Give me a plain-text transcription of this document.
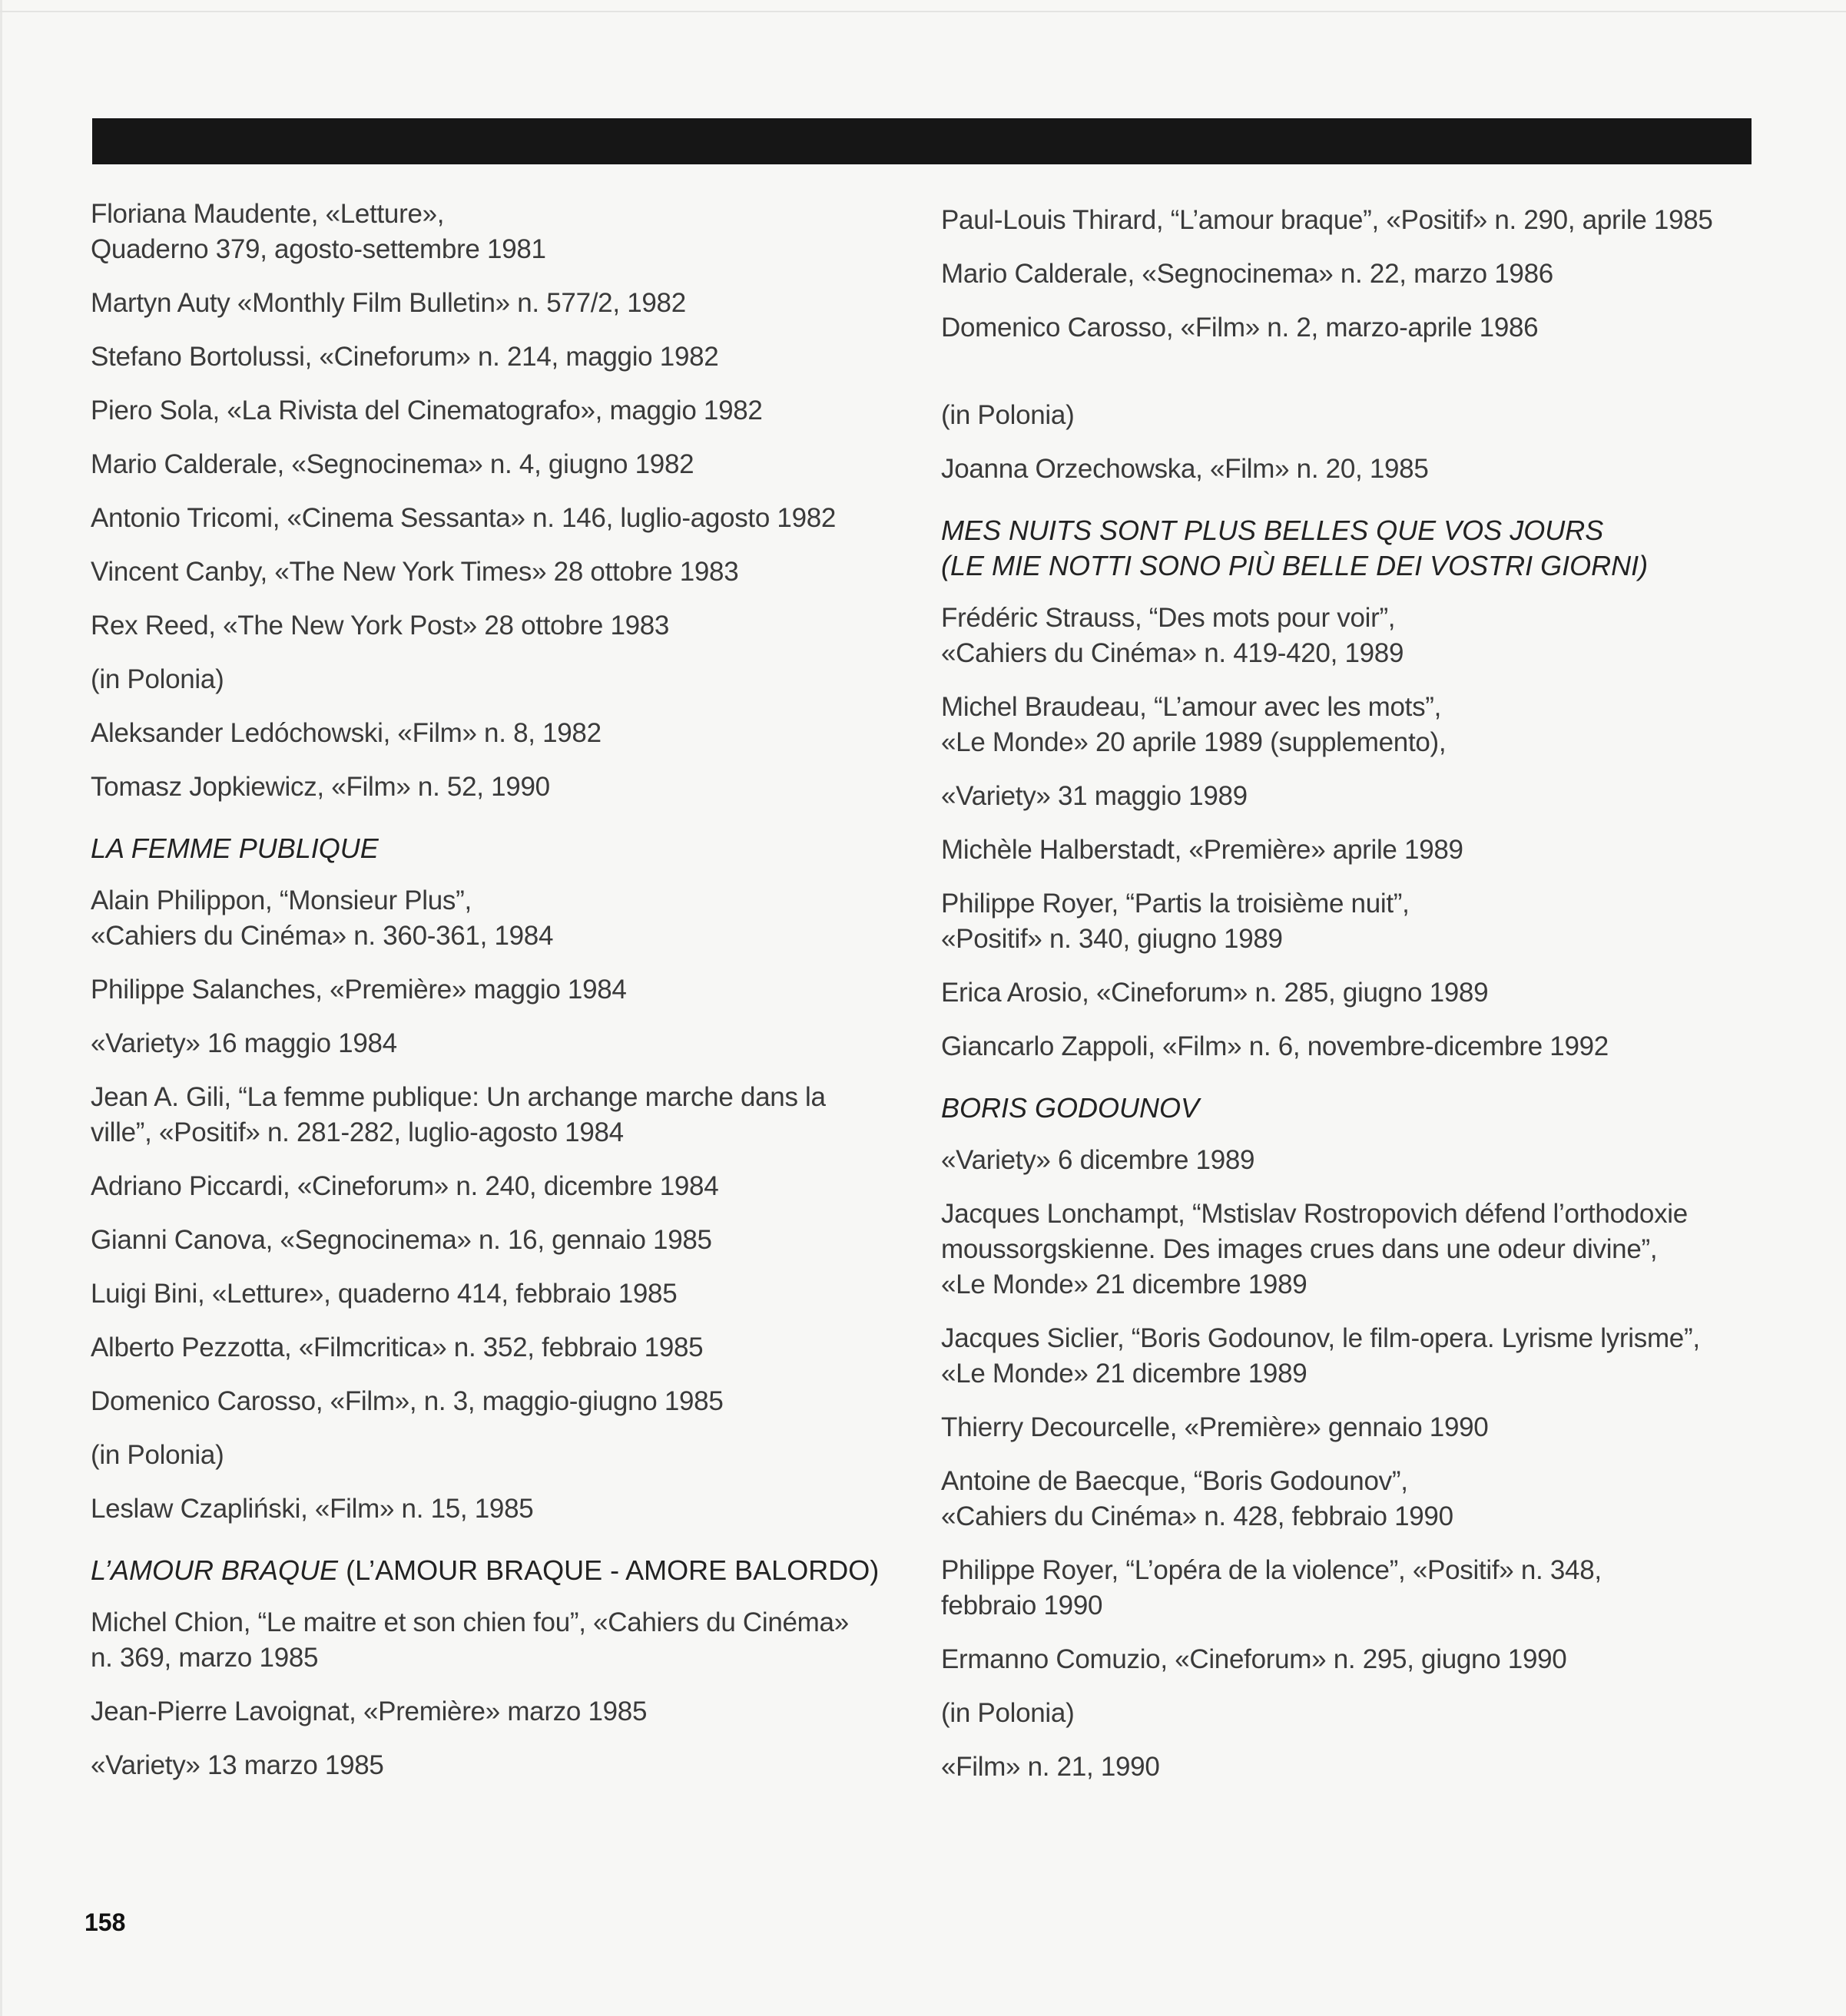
Floriana Maudente, «Letture»,
Quaderno 379, agosto-settembre 1981
Martyn Auty «Monthly Film Bulletin» n. 577/2, 1982
Stefano Bortolussi, «Cineforum» n. 214, maggio 1982
Piero Sola, «La Rivista del Cinematografo», maggio 1982
Mario Calderale, «Segnocinema» n. 4, giugno 1982
Antonio Tricomi, «Cinema Sessanta» n. 146, luglio-agosto 1982
Vincent Canby, «The New York Times» 28 ottobre 1983
Rex Reed, «The New York Post» 28 ottobre 1983
(in Polonia)
Aleksander Ledóchowski, «Film» n. 8, 1982
Tomasz Jopkiewicz, «Film» n. 52, 1990
LA FEMME PUBLIQUE
Alain Philippon, “Monsieur Plus”,
«Cahiers du Cinéma» n. 360-361, 1984
Philippe Salanches, «Première» maggio 1984
«Variety» 16 maggio 1984
Jean A. Gili, “La femme publique: Un archange marche dans la
ville”, «Positif» n. 281-282, luglio-agosto 1984
Adriano Piccardi, «Cineforum» n. 240, dicembre 1984
Gianni Canova, «Segnocinema» n. 16, gennaio 1985
Luigi Bini, «Letture», quaderno 414, febbraio 1985
Alberto Pezzotta, «Filmcritica» n. 352, febbraio 1985
Domenico Carosso, «Film», n. 3, maggio-giugno 1985
(in Polonia)
Leslaw Czapliński, «Film» n. 15, 1985
L’AMOUR BRAQUE (L’AMOUR BRAQUE - AMORE BALORDO)
Michel Chion, “Le maitre et son chien fou”, «Cahiers du Cinéma»
n. 369, marzo 1985
Jean-Pierre Lavoignat, «Première» marzo 1985
«Variety» 13 marzo 1985
Paul-Louis Thirard, “L’amour braque”, «Positif» n. 290, aprile 1985
Mario Calderale, «Segnocinema» n. 22, marzo 1986
Domenico Carosso, «Film» n. 2, marzo-aprile 1986
(in Polonia)
Joanna Orzechowska, «Film» n. 20, 1985
MES NUITS SONT PLUS BELLES QUE VOS JOURS
(LE MIE NOTTI SONO PIÙ BELLE DEI VOSTRI GIORNI)
Frédéric Strauss, “Des mots pour voir”,
«Cahiers du Cinéma» n. 419-420, 1989
Michel Braudeau, “L’amour avec les mots”,
«Le Monde» 20 aprile 1989 (supplemento),
«Variety» 31 maggio 1989
Michèle Halberstadt, «Première» aprile 1989
Philippe Royer, “Partis la troisième nuit”,
«Positif» n. 340, giugno 1989
Erica Arosio, «Cineforum» n. 285, giugno 1989
Giancarlo Zappoli, «Film» n. 6, novembre-dicembre 1992
BORIS GODOUNOV
«Variety» 6 dicembre 1989
Jacques Lonchampt, “Mstislav Rostropovich défend l’orthodoxie
moussorgskienne. Des images crues dans une odeur divine”,
«Le Monde» 21 dicembre 1989
Jacques Siclier, “Boris Godounov, le film-opera. Lyrisme lyrisme”,
«Le Monde» 21 dicembre 1989
Thierry Decourcelle, «Première» gennaio 1990
Antoine de Baecque, “Boris Godounov”,
«Cahiers du Cinéma» n. 428, febbraio 1990
Philippe Royer, “L’opéra de la violence”, «Positif» n. 348,
febbraio 1990
Ermanno Comuzio, «Cineforum» n. 295, giugno 1990
(in Polonia)
«Film» n. 21, 1990
158
